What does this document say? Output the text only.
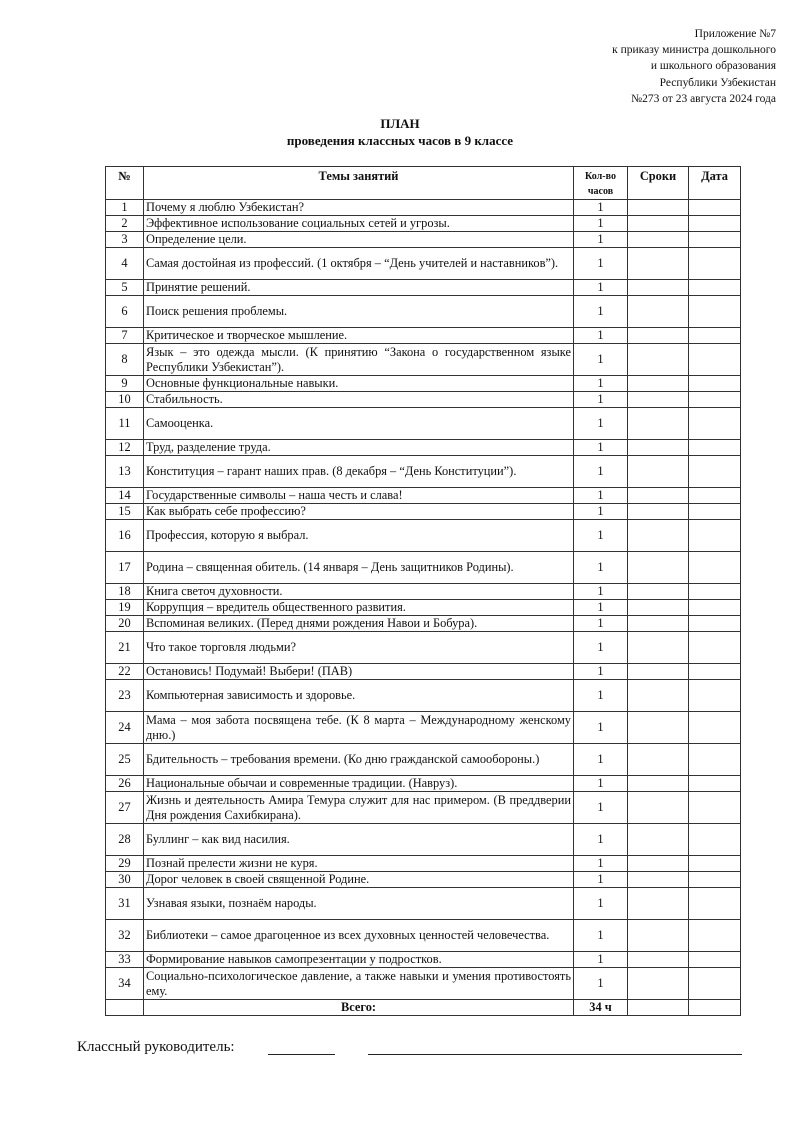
Приложение №7
к приказу министра дошкольного
и школьного образования
Республики Узбекистан
№273 от 23 августа 2024 года
ПЛАН
проведения классных часов в 9 классе
№	Темы занятий	Кол-во часов	Сроки	Дата
1	Почему я люблю Узбекистан?	1		
2	Эффективное использование социальных сетей и угрозы.	1		
3	Определение цели.	1		
4	Самая достойная из профессий. (1 октября – “День учителей и наставников”).	1		
5	Принятие решений.	1		
6	Поиск решения проблемы.	1		
7	Критическое и творческое мышление.	1		
8	Язык – это одежда мысли. (К принятию “Закона о государственном языке Республики Узбекистан”).	1		
9	Основные функциональные навыки.	1		
10	Стабильность.	1		
11	Самооценка.	1		
12	Труд, разделение труда.	1		
13	Конституция – гарант наших прав. (8 декабря – “День Конституции”).	1		
14	Государственные символы – наша честь и слава!	1		
15	Как выбрать себе профессию?	1		
16	Профессия, которую я выбрал.	1		
17	Родина – священная обитель. (14 января – День защитников Родины).	1		
18	Книга светоч духовности.	1		
19	Коррупция – вредитель общественного развития.	1		
20	Вспоминая великих. (Перед днями рождения Навои и Бобура).	1		
21	Что такое торговля людьми?	1		
22	Остановись! Подумай! Выбери! (ПАВ)	1		
23	Компьютерная зависимость и здоровье.	1		
24	Мама – моя забота посвящена тебе. (К 8 марта – Международному женскому дню.)	1		
25	Бдительность – требования времени. (Ко дню гражданской самообороны.)	1		
26	Национальные обычаи и современные традиции. (Навруз).	1		
27	Жизнь и деятельность Амира Темура служит для нас примером. (В преддверии Дня рождения Сахибкирана).	1		
28	Буллинг – как вид насилия.	1		
29	Познай прелести жизни не куря.	1		
30	Дорог человек в своей священной Родине.	1		
31	Узнавая языки, познаём народы.	1		
32	Библиотеки – самое драгоценное из всех духовных ценностей человечества.	1		
33	Формирование навыков самопрезентации у подростков.	1		
34	Социально-психологическое давление, а также навыки и умения противостоять ему.	1		
	Всего:	34 ч		
Классный руководитель:
